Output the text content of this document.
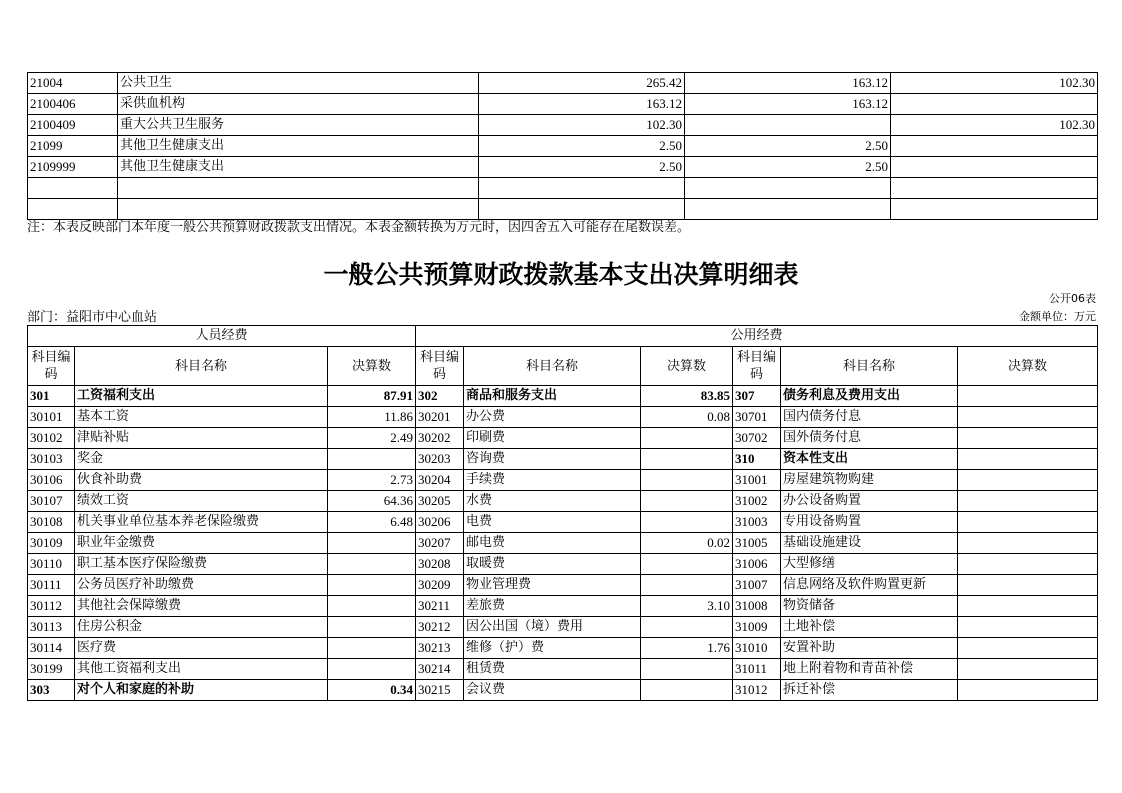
21004	公共卫生	265.42	163.12	102.30
2100406	采供血机构	163.12	163.12	
2100409	重大公共卫生服务	102.30		102.30
21099	其他卫生健康支出	2.50	2.50	
2109999	其他卫生健康支出	2.50	2.50	

注：本表反映部门本年度一般公共预算财政拨款支出情况。本表金额转换为万元时，因四舍五入可能存在尾数误差。
一般公共预算财政拨款基本支出决算明细表
公开06表
部门：益阳市中心血站	金额单位：万元
人员经费			公用经费					
科目编码	科目名称	决算数	科目编码	科目名称	决算数	科目编码	科目名称	决算数
301	工资福利支出	87.91	302	商品和服务支出	83.85	307	债务利息及费用支出	
30101	基本工资	11.86	30201	办公费	0.08	30701	国内债务付息	
30102	津贴补贴	2.49	30202	印刷费		30702	国外债务付息	
30103	奖金		30203	咨询费		310	资本性支出	
30106	伙食补助费	2.73	30204	手续费		31001	房屋建筑物购建	
30107	绩效工资	64.36	30205	水费		31002	办公设备购置	
30108	机关事业单位基本养老保险缴费	6.48	30206	电费		31003	专用设备购置	
30109	职业年金缴费		30207	邮电费	0.02	31005	基础设施建设	
30110	职工基本医疗保险缴费		30208	取暖费		31006	大型修缮	
30111	公务员医疗补助缴费		30209	物业管理费		31007	信息网络及软件购置更新	
30112	其他社会保障缴费		30211	差旅费	3.10	31008	物资储备	
30113	住房公积金		30212	因公出国（境）费用		31009	土地补偿	
30114	医疗费		30213	维修（护）费	1.76	31010	安置补助	
30199	其他工资福利支出		30214	租赁费		31011	地上附着物和青苗补偿	
303	对个人和家庭的补助	0.34	30215	会议费		31012	拆迁补偿	
